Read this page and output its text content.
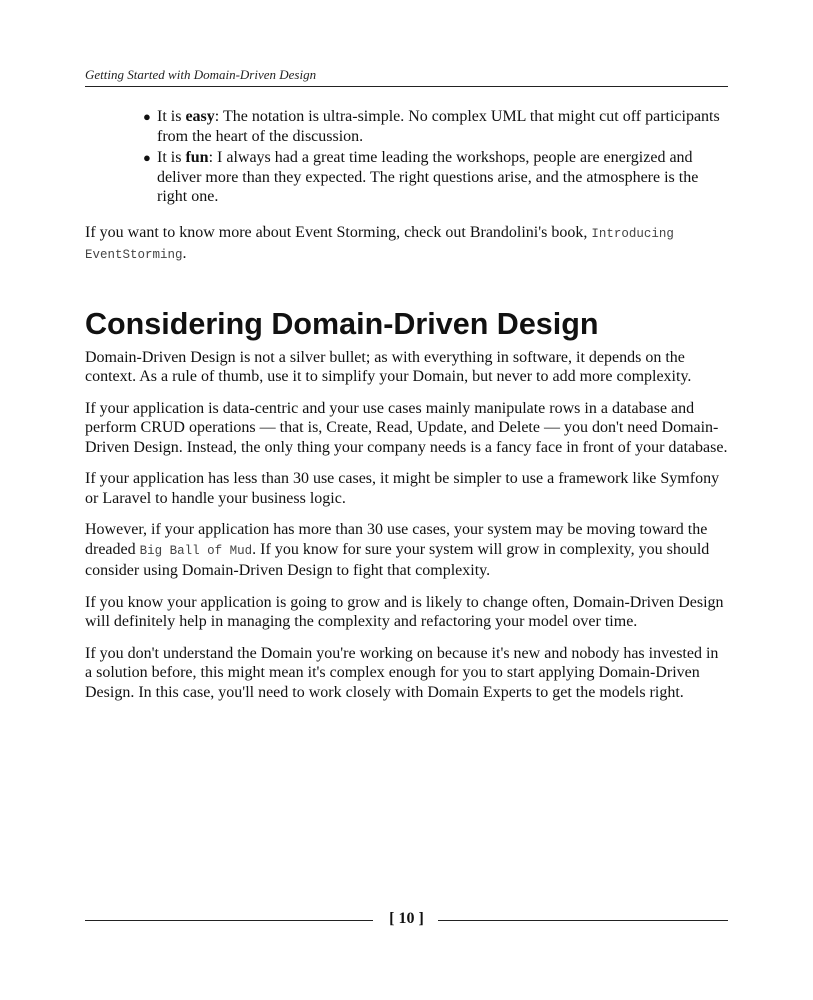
Getting Started with Domain-Driven Design
● It is easy: The notation is ultra-simple. No complex UML that might cut off participants from the heart of the discussion.
● It is fun: I always had a great time leading the workshops, people are energized and deliver more than they expected. The right questions arise, and the atmosphere is the right one.

If you want to know more about Event Storming, check out Brandolini's book, Introducing EventStorming.

Considering Domain-Driven Design

Domain-Driven Design is not a silver bullet; as with everything in software, it depends on the context. As a rule of thumb, use it to simplify your Domain, but never to add more complexity.

If your application is data-centric and your use cases mainly manipulate rows in a database and perform CRUD operations — that is, Create, Read, Update, and Delete — you don't need Domain-Driven Design. Instead, the only thing your company needs is a fancy face in front of your database.

If your application has less than 30 use cases, it might be simpler to use a framework like Symfony or Laravel to handle your business logic.

However, if your application has more than 30 use cases, your system may be moving toward the dreaded Big Ball of Mud. If you know for sure your system will grow in complexity, you should consider using Domain-Driven Design to fight that complexity.

If you know your application is going to grow and is likely to change often, Domain-Driven Design will definitely help in managing the complexity and refactoring your model over time.

If you don't understand the Domain you're working on because it's new and nobody has invested in a solution before, this might mean it's complex enough for you to start applying Domain-Driven Design. In this case, you'll need to work closely with Domain Experts to get the models right.

[ 10 ]
